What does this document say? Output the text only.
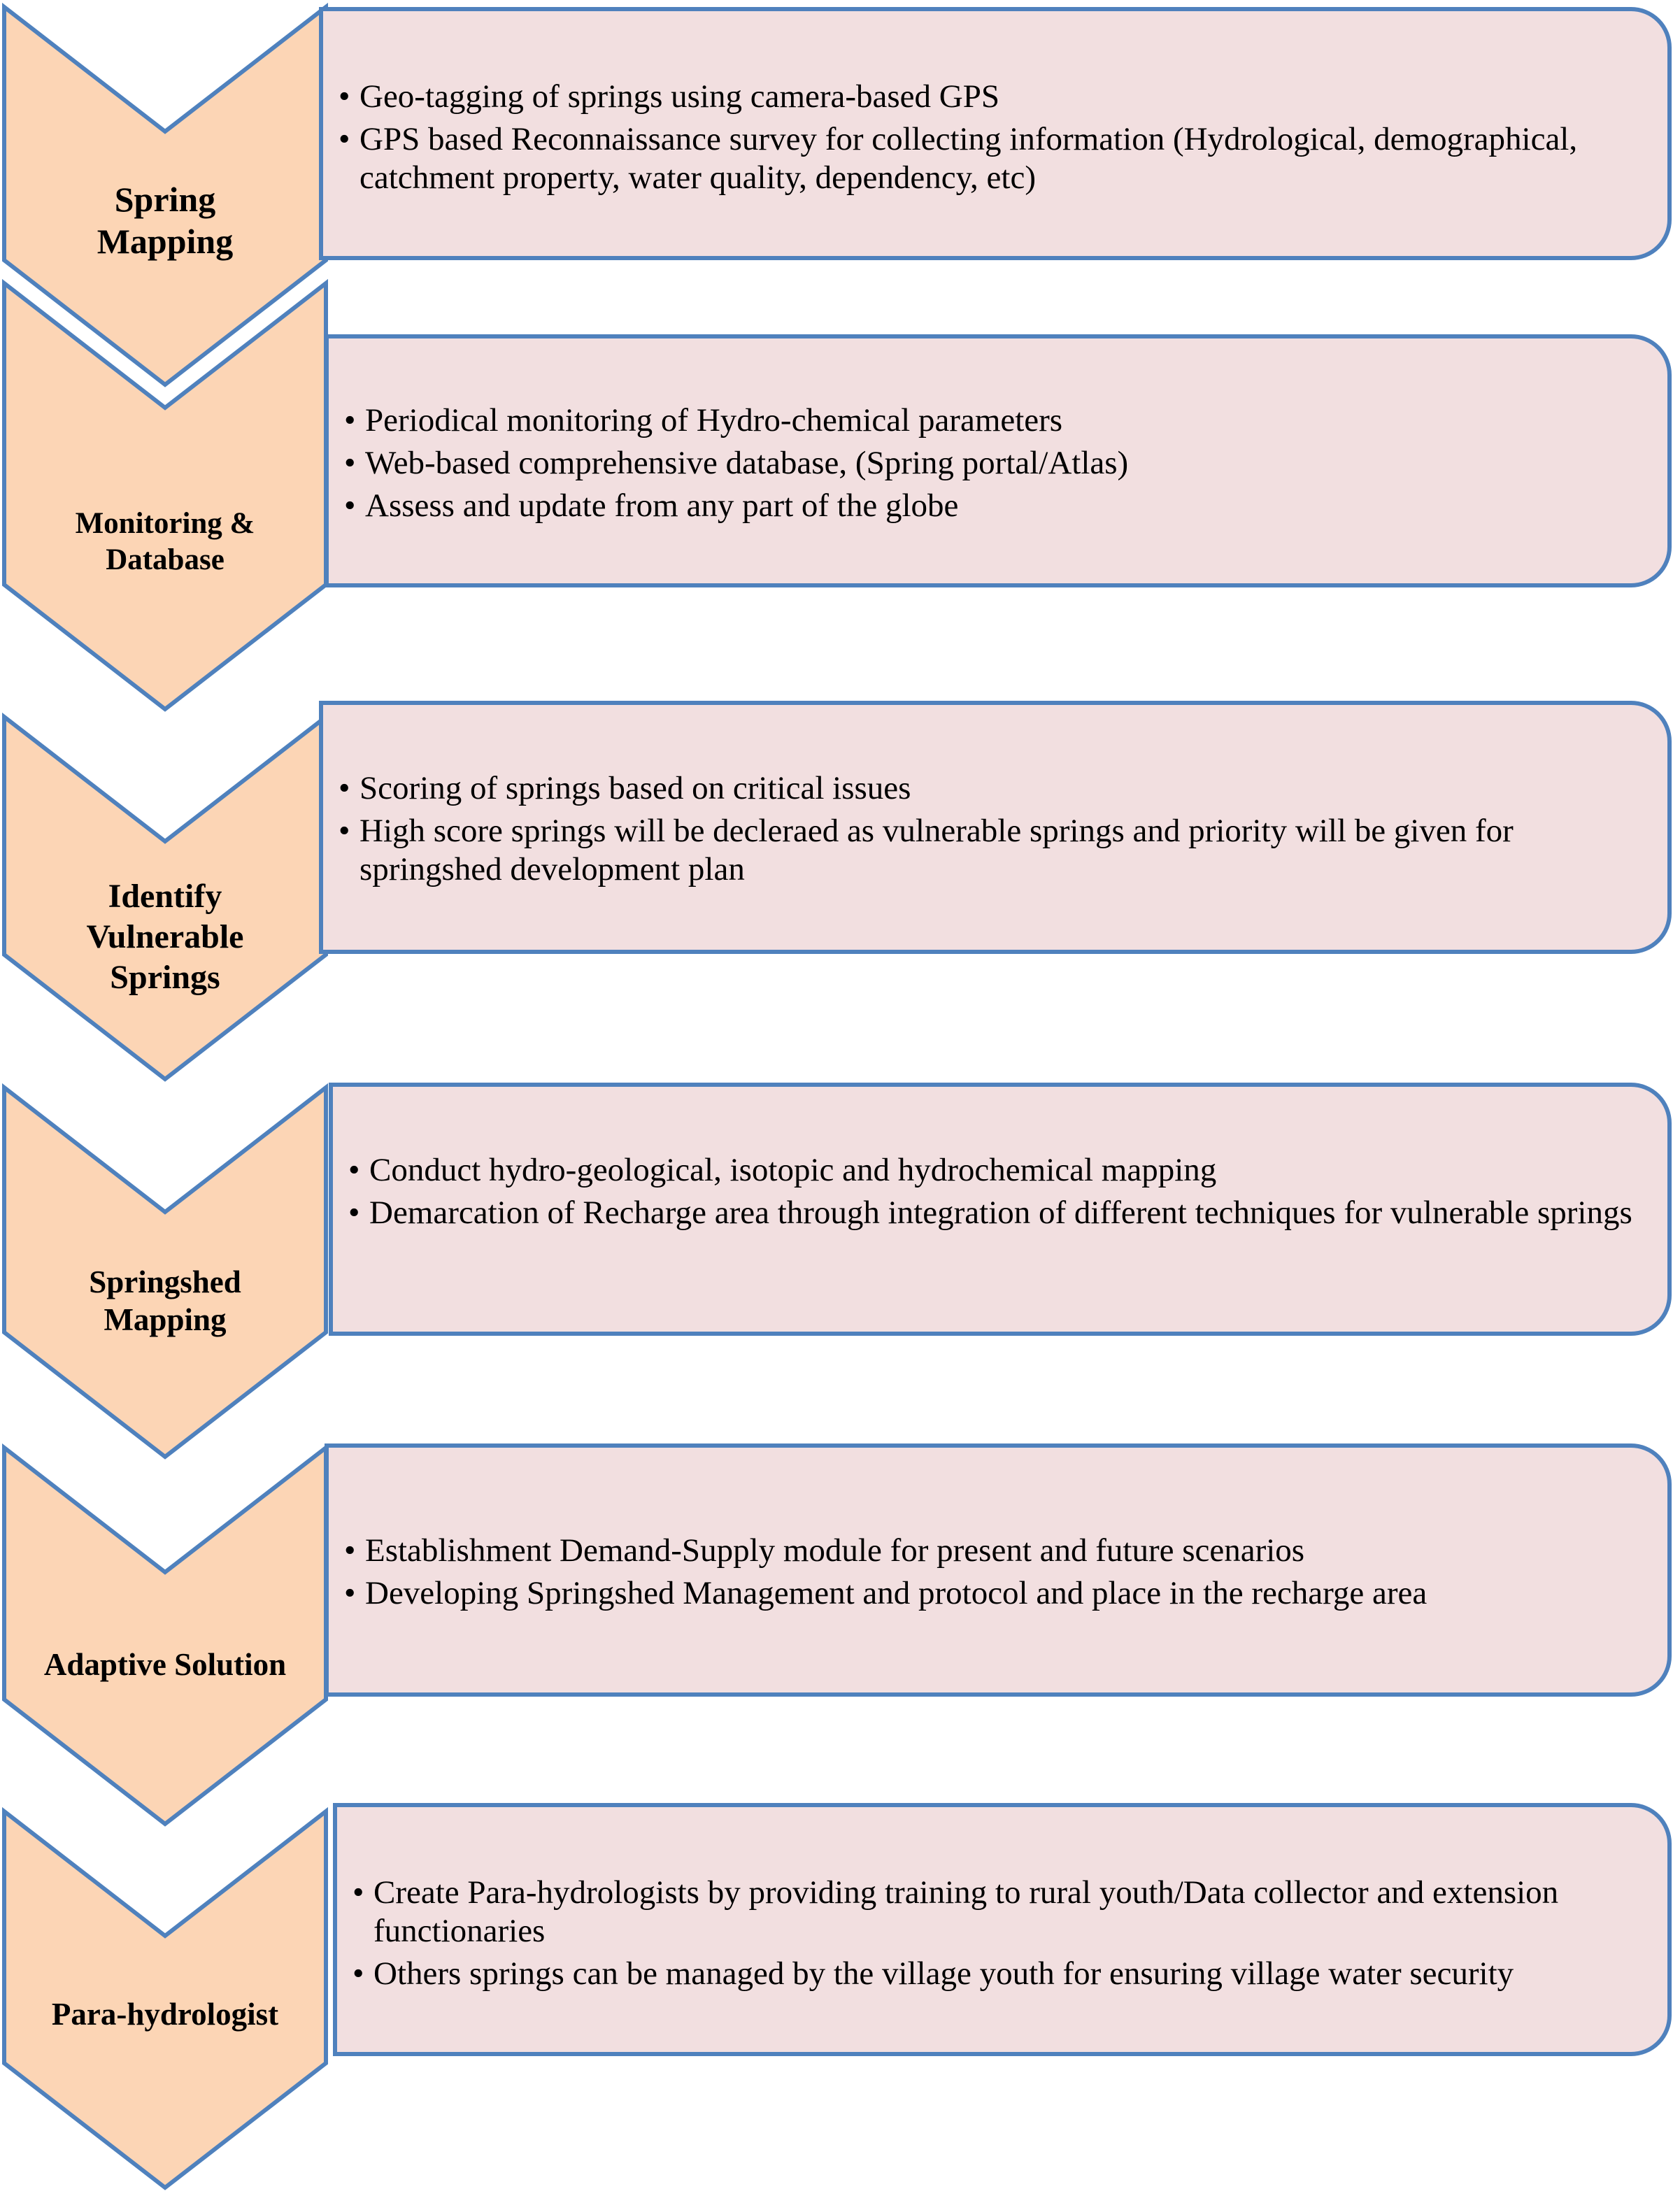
• Geo-tagging of springs using camera-based GPS
• GPS based Reconnaissance survey for collecting information (Hydrological, demographical, catchment property, water quality, dependency, etc)
Spring
Mapping
• Periodical monitoring of Hydro-chemical parameters
• Web-based comprehensive database, (Spring portal/Atlas)
• Assess and update from any part of the globe
Monitoring &
Database
• Scoring of springs based on critical issues
• High score springs will be decleraed as vulnerable springs and priority will be given for springshed development plan
Identify
Vulnerable
Springs
• Conduct hydro-geological, isotopic and hydrochemical mapping
• Demarcation of Recharge area through integration of different techniques for vulnerable springs
Springshed
Mapping
• Establishment Demand-Supply module for present and future scenarios
• Developing Springshed Management and protocol and place in the recharge area
Adaptive Solution
• Create Para-hydrologists by providing training to rural youth/Data collector and extension functionaries
• Others springs can be managed by the village youth for ensuring village water security
Para-hydrologist
